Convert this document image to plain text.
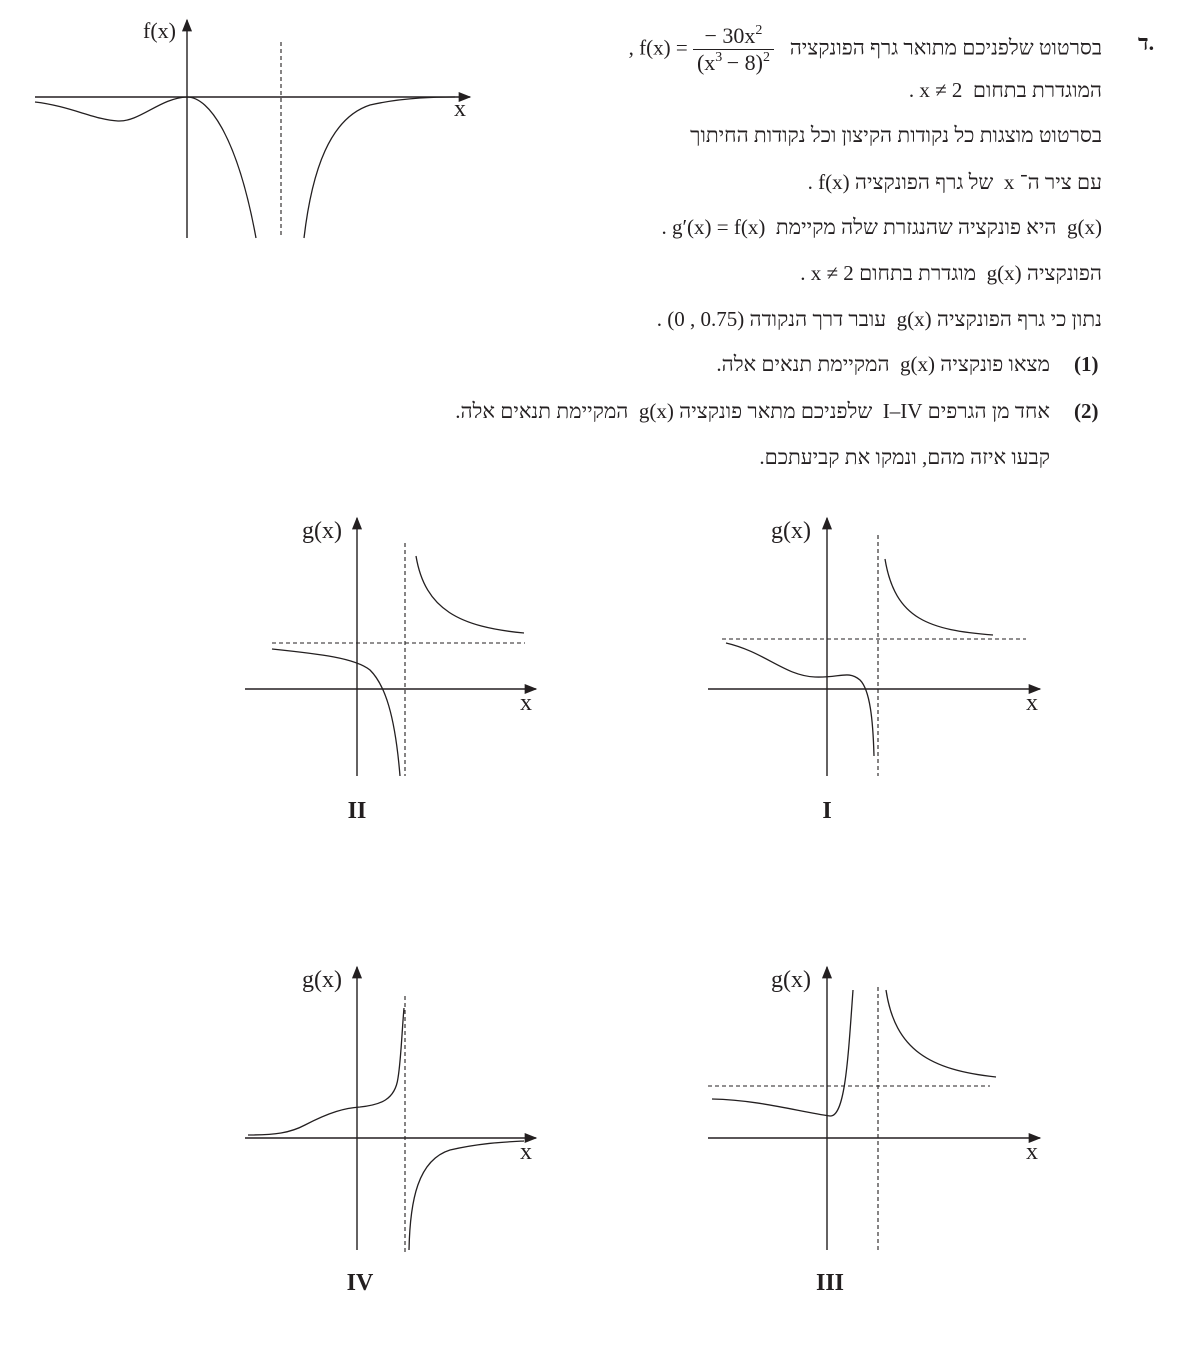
ד.
בסרטוט שלפניכם מתואר גרף הפונקציה   $f(x) = \frac{- 30x^2}{(x^3 - 8)^2}$
,
המוגדרת בתחום  x ≠ 2 .
בסרטוט מוצגות כל נקודות הקיצון וכל נקודות החיתוך
עם ציר ה־ x  של גרף הפונקציה f(x) .
g(x)  היא פונקציה שהנגזרת שלה מקיימת  g′(x) = f(x) .
הפונקציה g(x)  מוגדרת בתחום x ≠ 2 .
נתון כי גרף הפונקציה g(x)  עובר דרך הנקודה (0 , 0.75) .
(1)
מצאו פונקציה g(x)  המקיימת תנאים אלה.
(2)
אחד מן הגרפים I–IV  שלפניכם מתאר פונקציה g(x)  המקיימת תנאים אלה.
קבעו איזה מהם, ונמקו את קביעתכם.
f(x)
x
g(x)
x
I
g(x)
x
II
g(x)
x
III
g(x)
x
IV
